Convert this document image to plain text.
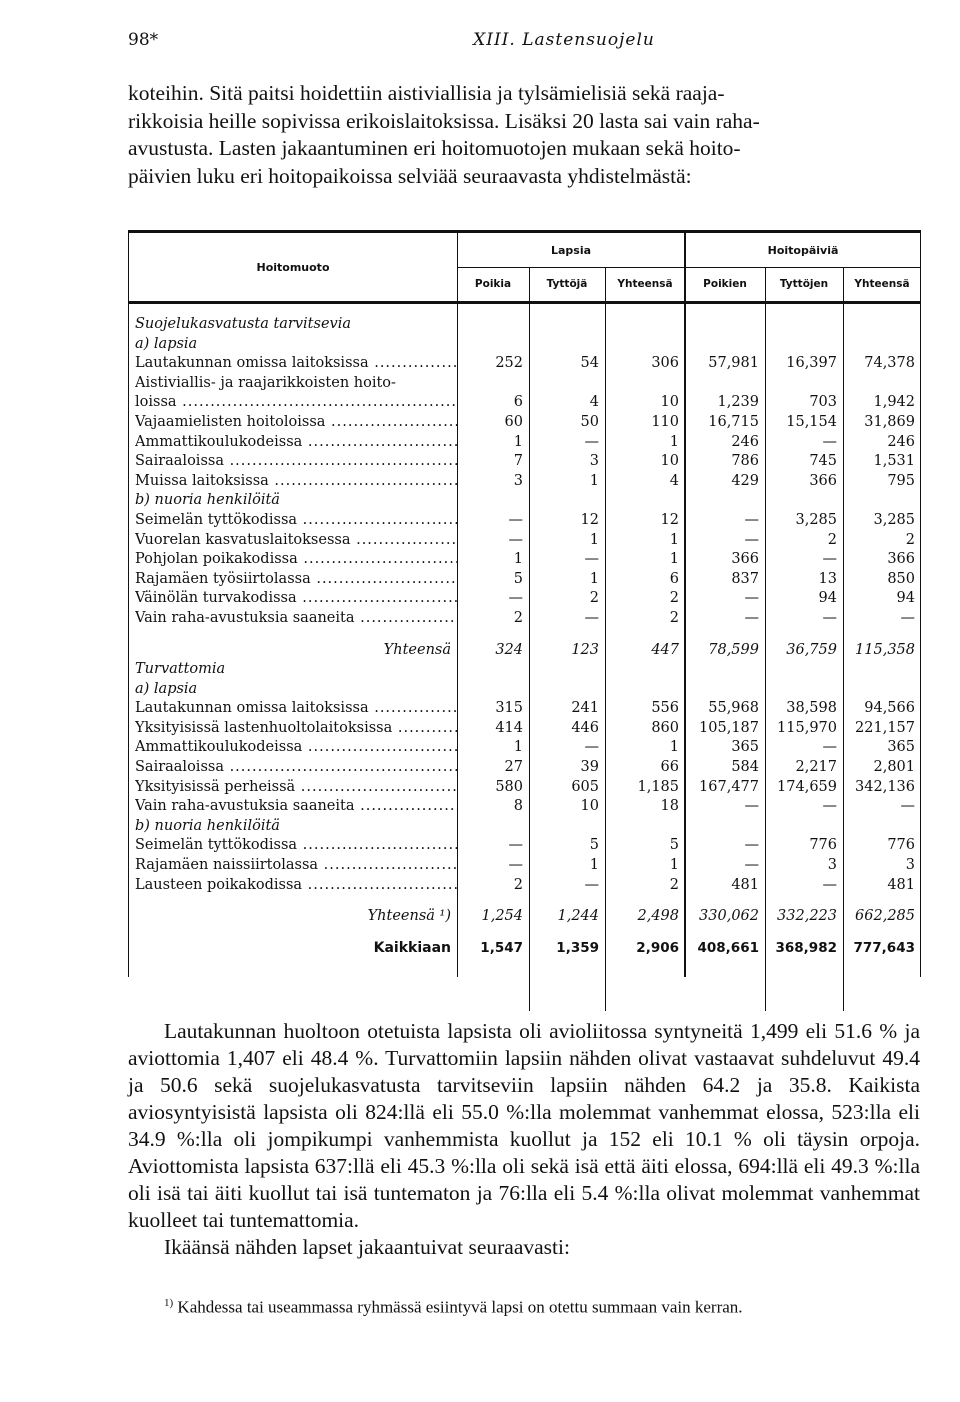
98*	XIII. Lastensuojelu

koteihin. Sitä paitsi hoidettiin aistiviallisia ja tylsämielisiä sekä raaja-

rikkoisia heille sopivissa erikoislaitoksissa. Lisäksi 20 lasta sai vain raha-

avustusta. Lasten jakaantuminen eri hoitomuotojen mukaan sekä hoito-

päivien luku eri hoitopaikoissa selviää seuraavasta yhdistelmästä:

Hoitomuoto
Lapsia	Hoitopäiviä
Poikia	Tyttöjä	Yhteensä	Poikien	Tyttöjen	Yhteensä
Suojelukasvatusta tarvitsevia
a) lapsia
Lautakunnan omissa laitoksissa .....	252	54	306	57,981	16,397	74,378
Aistiviallis- ja raajarikkoisten hoito-
loissa .....	6	4	10	1,239	703	1,942
Vajaamielisten hoitoloissa .....	60	50	110	16,715	15,154	31,869
Ammattikoulukodeissa .....	1	—	1	246	—	246
Sairaaloissa .....	7	3	10	786	745	1,531
Muissa laitoksissa .....	3	1	4	429	366	795
b) nuoria henkilöitä
Seimelän tyttökodissa .....	—	12	12	—	3,285	3,285
Vuorelan kasvatuslaitoksessa .....	—	1	1	—	2	2
Pohjolan poikakodissa .....	1	—	1	366	—	366
Rajamäen työsiirtolassa .....	5	1	6	837	13	850
Väinölän turvakodissa .....	—	2	2	—	94	94
Vain raha-avustuksia saaneita .....	2	—	2	—	—	—
Yhteensä	324	123	447	78,599	36,759	115,358
Turvattomia
a) lapsia
Lautakunnan omissa laitoksissa .....	315	241	556	55,968	38,598	94,566
Yksityisissä lastenhuoltolaitoksissa .....	414	446	860	105,187	115,970	221,157
Ammattikoulukodeissa .....	1	—	1	365	—	365
Sairaaloissa .....	27	39	66	584	2,217	2,801
Yksityisissä perheissä .....	580	605	1,185	167,477	174,659	342,136
Vain raha-avustuksia saaneita .....	8	10	18	—	—	—
b) nuoria henkilöitä
Seimelän tyttökodissa .....	—	5	5	—	776	776
Rajamäen naissiirtolassa .....	—	1	1	—	3	3
Lausteen poikakodissa .....	2	—	2	481	—	481
Yhteensä ¹)	1,254	1,244	2,498	330,062	332,223	662,285
Kaikkiaan	1,547	1,359	2,906	408,661	368,982	777,643

Lautakunnan huoltoon otetuista lapsista oli avioliitossa syntyneitä 1,499 eli 51.6 % ja aviottomia 1,407 eli 48.4 %. Turvattomiin lapsiin nähden olivat vastaavat suhdeluvut 49.4 ja 50.6 sekä suojelukasvatusta tarvitseviin lapsiin nähden 64.2 ja 35.8. Kaikista aviosyntyisistä lapsista oli 824:llä eli 55.0 %:lla molemmat vanhemmat elossa, 523:lla eli 34.9 %:lla oli jompikumpi vanhemmista kuollut ja 152 eli 10.1 % oli täysin orpoja. Aviottomista lapsista 637:llä eli 45.3 %:lla oli sekä isä että äiti elossa, 694:llä eli 49.3 %:lla oli isä tai äiti kuollut tai isä tuntematon ja 76:lla eli 5.4 %:lla olivat molemmat vanhemmat kuolleet tai tuntemattomia.

Ikäänsä nähden lapset jakaantuivat seuraavasti:

$^{1)}$ Kahdessa tai useammassa ryhmässä esiintyvä lapsi on otettu summaan vain kerran.
